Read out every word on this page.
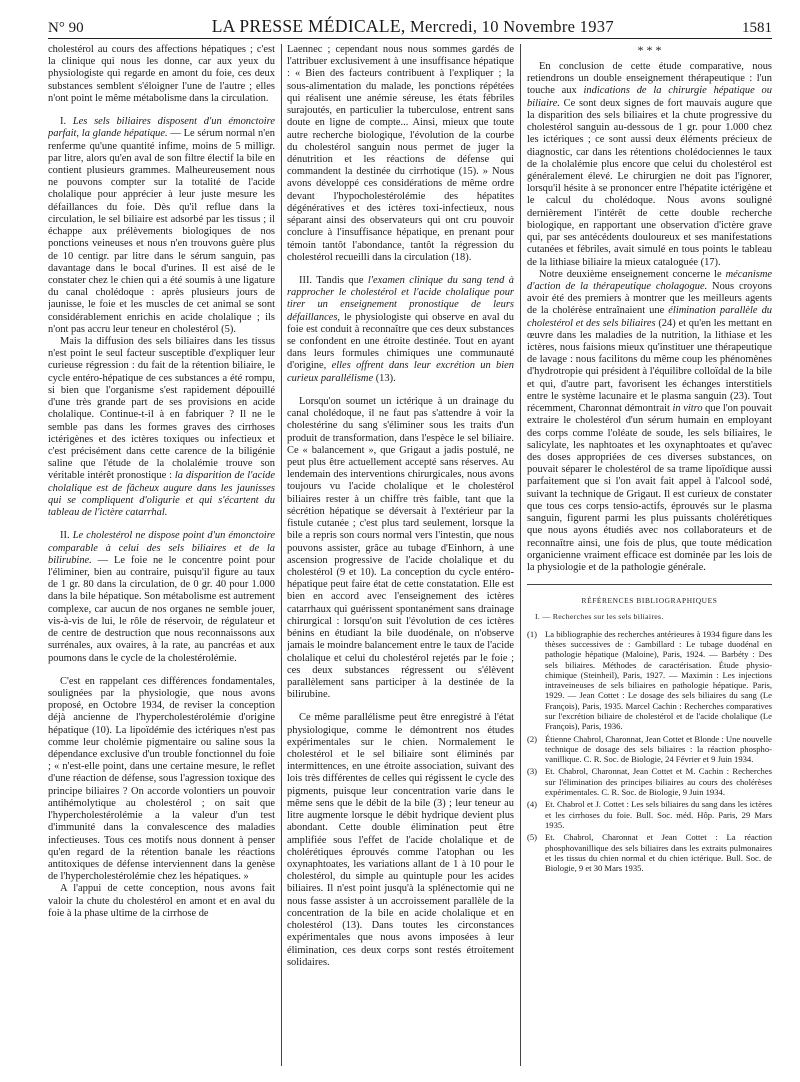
N° 90	LA PRESSE MÉDICALE, Mercredi, 10 Novembre 1937	1581

cholestérol au cours des affections hépatiques ; c'est la clinique qui nous les donne, car aux yeux du physiologiste qui regarde en amont du foie, ces deux substances semblent s'éloigner l'une de l'autre ; elles n'ont point le même métabolisme dans la circulation.

I. Les sels biliaires disposent d'un émonctoire parfait, la glande hépatique. — Le sérum normal n'en renferme qu'une quantité infime, moins de 5 milligr. par litre, alors qu'en aval de son filtre électif la bile en contient plusieurs grammes. Malheureusement nous ne pouvons compter sur la totalité de l'acide cholalique pour apprécier à leur juste mesure les défaillances du foie. Dès qu'il reflue dans la circulation, le sel biliaire est adsorbé par les tissus ; il échappe aux prélèvements biologiques de nos ponctions veineuses et nous n'en trouvons guère plus de 10 centigr. par litre dans le sérum sanguin, pas davantage dans le bocal d'urines. Il est aisé de le constater chez le chien qui a été soumis à une ligature du canal cholédoque : après plusieurs jours de jaunisse, le foie et les muscles de cet animal se sont considérablement enrichis en acide cholalique ; ils n'ont pas accru leur teneur en cholestérol (5).

Mais la diffusion des sels biliaires dans les tissus n'est point le seul facteur susceptible d'expliquer leur curieuse régression : du fait de la rétention biliaire, le cycle entéro-hépatique de ces substances a été rompu, si bien que l'organisme s'est rapidement dépouillé d'une très grande part de ses provisions en acide cholalique. Continue-t-il à en fabriquer ? Il ne le semble pas dans les formes graves des cirrhoses ictérigènes et des ictères toxiques ou infectieux et c'est précisément dans cette carence de la biligénie saline que l'étude de la cholalémie trouve son véritable intérêt pronostique : la disparition de l'acide cholalique est de fâcheux augure dans les jaunisses qui se compliquent d'oligurie et qui s'écartent du tableau de l'ictère catarrhal.

II. Le cholestérol ne dispose point d'un émonctoire comparable à celui des sels biliaires et de la bilirubine. — Le foie ne le concentre point pour l'éliminer, bien au contraire, puisqu'il figure au taux de 1 gr. 80 dans la circulation, de 0 gr. 40 pour 1.000 dans la bile hépatique. Son métabolisme est autrement complexe, car aucun de nos organes ne semble jouer, vis-à-vis de lui, le rôle de réservoir, de régulateur et de centre de destruction que nous reconnaissons aux surrénales, aux ovaires, à la rate, au pancréas et aux poumons dans le cycle de la cholestérolémie.

C'est en rappelant ces différences fondamentales, soulignées par la physiologie, que nous avons proposé, en Octobre 1934, de reviser la conception déjà ancienne de l'hypercholestérolémie d'origine hépatique (10). La lipoïdémie des ictériques n'est pas comme leur cholémie pigmentaire ou saline sous la dépendance exclusive d'un trouble fonctionnel du foie ; « n'est-elle point, dans une certaine mesure, le reflet d'une réaction de défense, sous l'agression toxique des principe biliaires ? On accorde volontiers un pouvoir antihémolytique au cholestérol ; on sait que l'hypercholestérolémie a la valeur d'un test d'immunité dans la convalescence des maladies infectieuses. Tous ces motifs nous donnent à penser qu'en regard de la rétention banale les réactions antitoxiques de défense interviennent dans la genèse de l'hypercholestérolémie chez les hépatiques. »

A l'appui de cette conception, nous avons fait valoir la chute du cholestérol en amont et en aval du foie à la phase ultime de la cirrhose de

Laennec ; cependant nous nous sommes gardés de l'attribuer exclusivement à une insuffisance hépatique : « Bien des facteurs contribuent à l'expliquer ; la sous-alimentation du malade, les ponctions répétées qui réalisent une anémie séreuse, les états fébriles surajoutés, en particulier la tuberculose, entrent sans doute en ligne de compte... Ainsi, mieux que toute autre recherche biologique, l'évolution de la courbe du cholestérol sanguin nous permet de juger la dénutrition et les réactions de défense qui commandent la destinée du cirrhotique (15). » Nous avons développé ces considérations de même ordre devant l'hypocholestérolémie des hépatites dégénératives et des ictères toxi-infectieux, nous séparant ainsi des observateurs qui ont cru pouvoir conclure à l'insuffisance hépatique, en prenant pour témoin tantôt l'abondance, tantôt la régression du cholestérol recueilli dans la circulation (18).

III. Tandis que l'examen clinique du sang tend à rapprocher le cholestérol et l'acide cholalique pour tirer un enseignement pronostique de leurs défaillances, le physiologiste qui observe en aval du foie est conduit à reconnaître que ces deux substances se confondent en une étroite destinée. Tout en ayant dans leurs formules chimiques une communauté d'origine, elles offrent dans leur excrétion un bien curieux parallélisme (13).

Lorsqu'on soumet un ictérique à un drainage du canal cholédoque, il ne faut pas s'attendre à voir la cholestérine du sang s'éliminer sous les traits d'un produit de transformation, dans l'espèce le sel biliaire. Ce « balancement », que Grigaut a jadis postulé, ne peut plus être actuellement accepté sans réserves. Au lendemain des interventions chirurgicales, nous avons toujours vu l'acide cholalique et le cholestérol biliaires rester à un chiffre très faible, tant que la sécrétion hépatique se déversait à l'extérieur par la fistule cutanée ; c'est plus tard seulement, lorsque la bile a repris son cours normal vers l'intestin, que nous pouvons assister, grâce au tubage d'Einhorn, à une ascension progressive de l'acide cholalique et du cholestérol (9 et 10). La conception du cycle entéro-hépatique peut faire état de cette constatation. Elle est bien en accord avec l'enseignement des ictères catarrhaux qui guérissent spontanément sans drainage chirurgical : lorsqu'on suit l'évolution de ces ictères bénins en étudiant la bile duodénale, on n'observe jamais le moindre balancement entre le taux de l'acide cholalique et celui du cholestérol rejetés par le foie ; ces deux substances régressent ou s'élèvent parallèlement sans participer à la destinée de la bilirubine.

Ce même parallélisme peut être enregistré à l'état physiologique, comme le démontrent nos études expérimentales sur le chien. Normalement le cholestérol et le sel biliaire sont éliminés par intermittences, en une étroite association, suivant des lois très différentes de celles qui régissent le cycle des pigments, puisque leur concentration varie dans le même sens que le débit de la bile (3) ; leur teneur au litre augmente lorsque le débit hydrique devient plus abondant. Cette double élimination peut être amplifiée sous l'effet de l'acide cholalique et de cholérétiques éprouvés comme l'atophan ou les oxynaphtoates, les variations allant de 1 à 10 pour le cholestérol, du simple au quintuple pour les acides biliaires. Il n'est point jusqu'à la splénectomie qui ne nous fasse assister à un accroissement parallèle de la concentration de la bile en acide cholalique et en cholestérol (13). Dans toutes les circonstances expérimentales que nous avons imposées à leur élimination, ces deux corps sont restés étroitement solidaires.

* * *

En conclusion de cette étude comparative, nous retiendrons un double enseignement thérapeutique : l'un touche aux indications de la chirurgie hépatique ou biliaire. Ce sont deux signes de fort mauvais augure que la disparition des sels biliaires et la chute progressive du cholestérol sanguin au-dessous de 1 gr. pour 1.000 chez les ictériques ; ce sont aussi deux éléments précieux de diagnostic, car dans les rétentions cholédociennes le taux de la cholalémie plus encore que celui du cholestérol est généralement élevé. Le chirurgien ne doit pas l'ignorer, lorsqu'il hésite à se prononcer entre l'hépatite ictérigène et le calcul du cholédoque. Nous avons souligné dernièrement l'intérêt de cette double recherche biologique, en rapportant une observation d'ictère grave qui, par ses antécédents douloureux et ses manifestations cutanées et fébriles, avait simulé en tous points le tableau de la lithiase biliaire la mieux cataloguée (17).

Notre deuxième enseignement concerne le mécanisme d'action de la thérapeutique cholagogue. Nous croyons avoir été des premiers à montrer que les meilleurs agents de la cholérèse entraînaient une élimination parallèle du cholestérol et des sels biliaires (24) et qu'en les mettant en œuvre dans les maladies de la nutrition, la lithiase et les ictères, nous faisions mieux qu'instituer une thérapeutique de lavage : nous facilitons du même coup les phénomènes d'hydrotropie qui président à l'équilibre colloïdal de la bile et qui, d'autre part, favorisent les échanges interstitiels entre le système lacunaire et le plasma sanguin (23). Tout récemment, Charonnat démontrait in vitro que l'on pouvait extraire le cholestérol d'un sérum humain en employant des corps comme l'oléate de soude, les sels biliaires, le salicylate, les naphtoates et les oxynaphtoates et qu'avec des doses appropriées de ces diverses substances, on pouvait séparer le cholestérol de sa trame lipoïdique aussi parfaitement que si l'on avait fait appel à l'alcool sodé, suivant la technique de Grigaut. Il est curieux de constater que tous ces corps tensio-actifs, éprouvés sur le plasma sanguin, figurent parmi les plus puissants cholérétiques que nous ayons étudiés avec nos collaborateurs et de reconnaître ainsi, une fois de plus, que toute médication organicienne vraiment efficace est dominée par les lois de la physiologie et de la pathologie générale.

RÉFÉRENCES BIBLIOGRAPHIQUES

I. — Recherches sur les sels biliaires.

(1) La bibliographie des recherches antérieures à 1934 figure dans les thèses successives de : Gambillard : Le tubage duodénal en pathologie hépatique (Maloine), Paris, 1924. — Barbéty : Des sels biliaires. Méthodes de caractérisation. Étude physio-chimique (Steinheil), Paris, 1927. — Maximin : Les injections intraveineuses de sels biliaires en pathologie hépatique. Paris, 1929. — Jean Cottet : Le dosage des sels biliaires du sang (Le François), Paris, 1935. Marcel Cachin : Recherches comparatives sur l'excrétion biliaire de cholestérol et de l'acide cholalique (Le François), Paris, 1936.
(2) Étienne Chabrol, Charonnat, Jean Cottet et Blonde : Une nouvelle technique de dosage des sels biliaires : la réaction phospho-vanillique. C. R. Soc. de Biologie, 24 Février et 9 Juin 1934.
(3) Et. Chabrol, Charonnat, Jean Cottet et M. Cachin : Recherches sur l'élimination des principes biliaires au cours des cholérèses expérimentales. C. R. Soc. de Biologie, 9 Juin 1934.
(4) Et. Chabrol et J. Cottet : Les sels biliaires du sang dans les ictères et les cirrhoses du foie. Bull. Soc. méd. Hôp. Paris, 29 Mars 1935.
(5) Et. Chabrol, Charonnat et Jean Cottet : La réaction phosphovanillique des sels biliaires dans les extraits pulmonaires et les tissus du chien normal et du chien ictérique. Bull. Soc. de Biologie, 9 et 30 Mars 1935.
